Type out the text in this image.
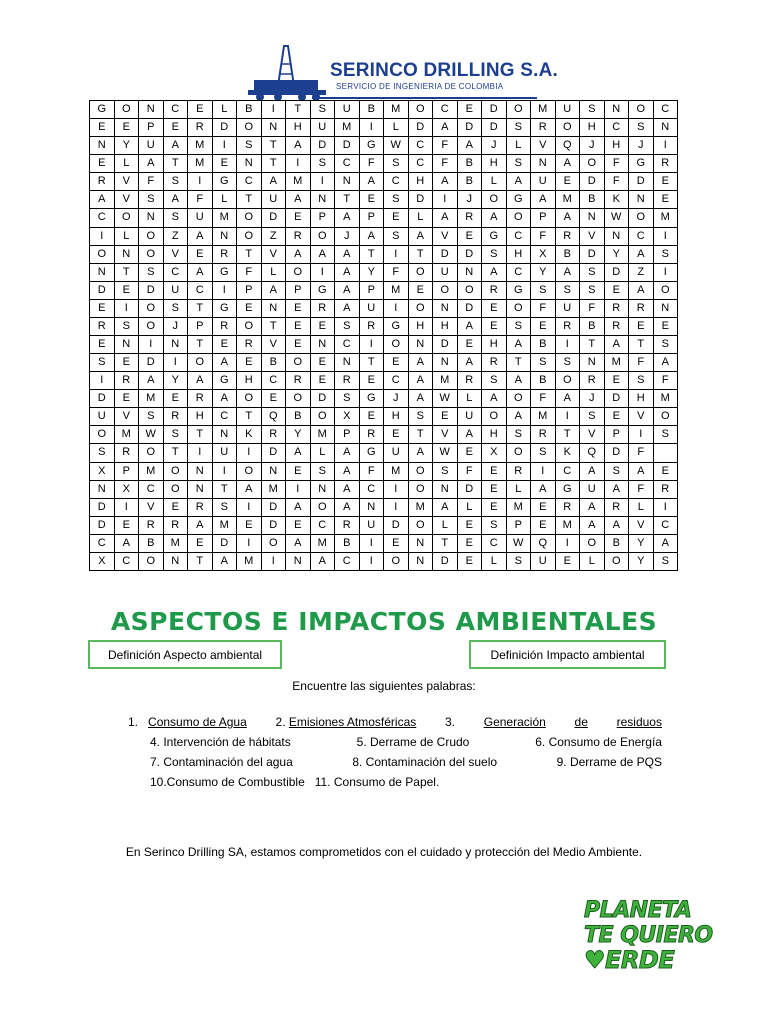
SERINCO DRILLING S.A.
SERVICIO DE INGENIERIA DE COLOMBIA
G	O	N	C	E	L	B	I	T	S	U	B	M	O	C	E	D	O	M	U	S	N	O	C
E	E	P	E	R	D	O	N	H	U	M	I	L	D	A	D	D	S	R	O	H	C	S	N
N	Y	U	A	M	I	S	T	A	D	D	G	W	C	F	A	J	L	V	Q	J	H	J	I
E	L	A	T	M	E	N	T	I	S	C	F	S	C	F	B	H	S	N	A	O	F	G	R
R	V	F	S	I	G	C	A	M	I	N	A	C	H	A	B	L	A	U	E	D	F	D	E
A	V	S	A	F	L	T	U	A	N	T	E	S	D	I	J	O	G	A	M	B	K	N	E
C	O	N	S	U	M	O	D	E	P	A	P	E	L	A	R	A	O	P	A	N	W	O	M
I	L	O	Z	A	N	O	Z	R	O	J	A	S	A	V	E	G	C	F	R	V	N	C	I
O	N	O	V	E	R	T	V	A	A	A	T	I	T	D	D	S	H	X	B	D	Y	A	S
N	T	S	C	A	G	F	L	O	I	A	Y	F	O	U	N	A	C	Y	A	S	D	Z	I
D	E	D	U	C	I	P	A	P	G	A	P	M	E	O	O	R	G	S	S	S	E	A	O
E	I	O	S	T	G	E	N	E	R	A	U	I	O	N	D	E	O	F	U	F	R	R	N
R	S	O	J	P	R	O	T	E	E	S	R	G	H	H	A	E	S	E	R	B	R	E	E
E	N	I	N	T	E	R	V	E	N	C	I	O	N	D	E	H	A	B	I	T	A	T	S
S	E	D	I	O	A	E	B	O	E	N	T	E	A	N	A	R	T	S	S	N	M	F	A
I	R	A	Y	A	G	H	C	R	E	R	E	C	A	M	R	S	A	B	O	R	E	S	F
D	E	M	E	R	A	O	E	O	D	S	G	J	A	W	L	A	O	F	A	J	D	H	M
U	V	S	R	H	C	T	Q	B	O	X	E	H	S	E	U	O	A	M	I	S	E	V	O
O	M	W	S	T	N	K	R	Y	M	P	R	E	T	V	A	H	S	R	T	V	P	I	S
S	R	O	T	I	U	I	D	A	L	A	G	U	A	W	E	X	O	S	K	Q	D	F
X	P	M	O	N	I	O	N	E	S	A	F	M	O	S	F	E	R	I	C	A	S	A	E
N	X	C	O	N	T	A	M	I	N	A	C	I	O	N	D	E	L	A	G	U	A	F	R
D	I	V	E	R	S	I	D	A	O	A	N	I	M	A	L	E	M	E	R	A	R	L	I
D	E	R	R	A	M	E	D	E	C	R	U	D	O	L	E	S	P	E	M	A	A	V	C
C	A	B	M	E	D	I	O	A	M	B	I	E	N	T	E	C	W	Q	I	O	B	Y	A
X	C	O	N	T	A	M	I	N	A	C	I	O	N	D	E	L	S	U	E	L	O	Y	S
ASPECTOS E IMPACTOS AMBIENTALES
Definición Aspecto ambiental	Definición Impacto ambiental
Encuentre las siguientes palabras:
1. Consumo de Agua 2. Emisiones Atmosféricas 3. Generación de residuos
4. Intervención de hábitats	5. Derrame de Crudo	6. Consumo de Energía
7. Contaminación del agua	8. Contaminación del suelo	9. Derrame de PQS
10.Consumo de Combustible 11. Consumo de Papel.
En Serinco Drilling SA, estamos comprometidos con el cuidado y protección del Medio Ambiente.
PLANETA
TE QUIERO
♥ERDE
